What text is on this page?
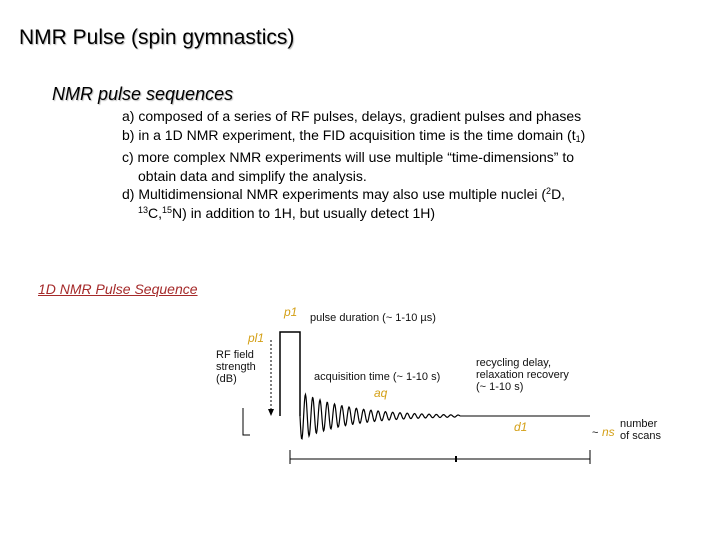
NMR Pulse (spin gymnastics)
NMR pulse sequences
a) composed of a series of RF pulses, delays, gradient pulses and phases
b) in a 1D NMR experiment, the FID acquisition time is the time domain $(t_1)$
c) more complex NMR experiments will use multiple “time-dimensions” to
obtain data and simplify the analysis.
d) Multidimensional NMR experiments may also use multiple nuclei ($^2$D,
$^{13}$C,$^{15}$N) in addition to 1H, but usually detect 1H)
1D NMR Pulse Sequence
p1 pulse duration (~ 1-10 µs)
pl1
RF field strength (dB)	acquisition time (~ 1-10 s)
aq
recycling delay, relaxation recovery (~ 1-10 s)
d1	~ ns
number of scans
